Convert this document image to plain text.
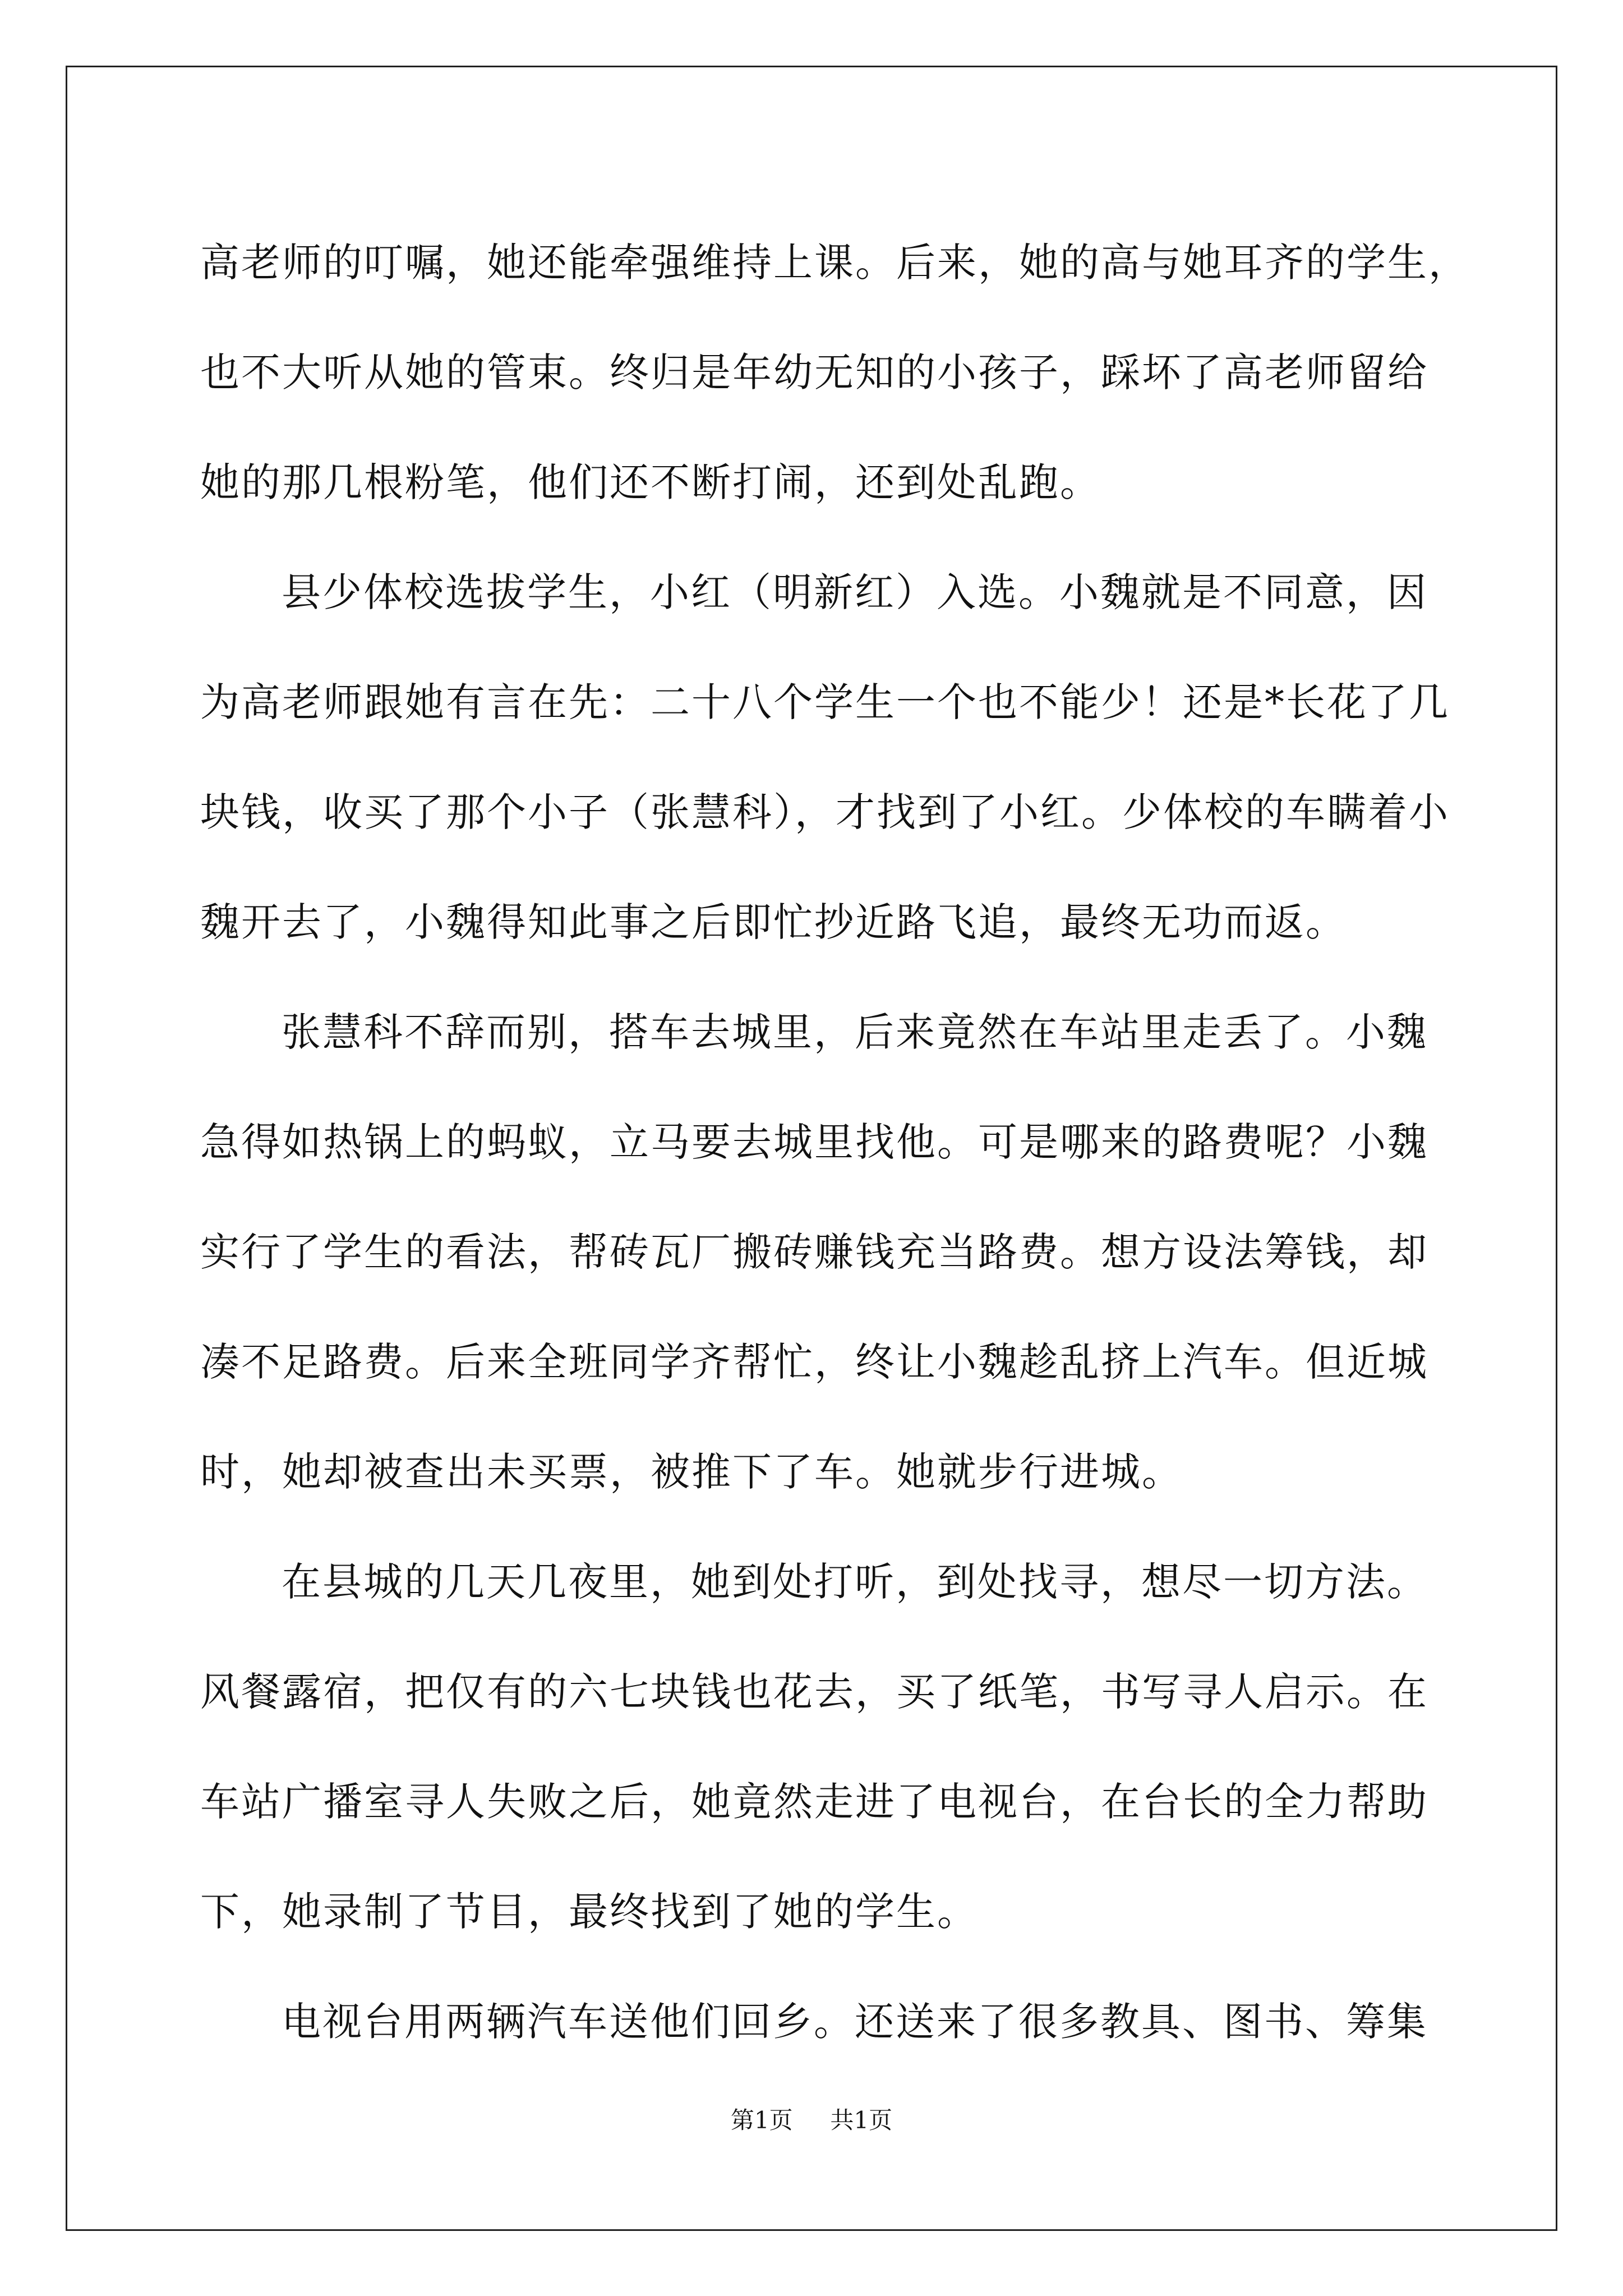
高老师的叮嘱，她还能牵强维持上课。后来，她的高与她耳齐的学生，
也不大听从她的管束。终归是年幼无知的小孩子，踩坏了高老师留给
她的那几根粉笔，他们还不断打闹，还到处乱跑。
县少体校选拔学生，小红（明新红）入选。小魏就是不同意，因
为高老师跟她有言在先：二十八个学生一个也不能少！还是*长花了几
块钱，收买了那个小子（张慧科），才找到了小红。少体校的车瞒着小
魏开去了，小魏得知此事之后即忙抄近路飞追，最终无功而返。
张慧科不辞而别，搭车去城里，后来竟然在车站里走丢了。小魏
急得如热锅上的蚂蚁，立马要去城里找他。可是哪来的路费呢？小魏
实行了学生的看法，帮砖瓦厂搬砖赚钱充当路费。想方设法筹钱，却
凑不足路费。后来全班同学齐帮忙，终让小魏趁乱挤上汽车。但近城
时，她却被查出未买票，被推下了车。她就步行进城。
在县城的几天几夜里，她到处打听，到处找寻，想尽一切方法。
风餐露宿，把仅有的六七块钱也花去，买了纸笔，书写寻人启示。在
车站广播室寻人失败之后，她竟然走进了电视台，在台长的全力帮助
下，她录制了节目，最终找到了她的学生。
电视台用两辆汽车送他们回乡。还送来了很多教具、图书、筹集
第1页 共1页
